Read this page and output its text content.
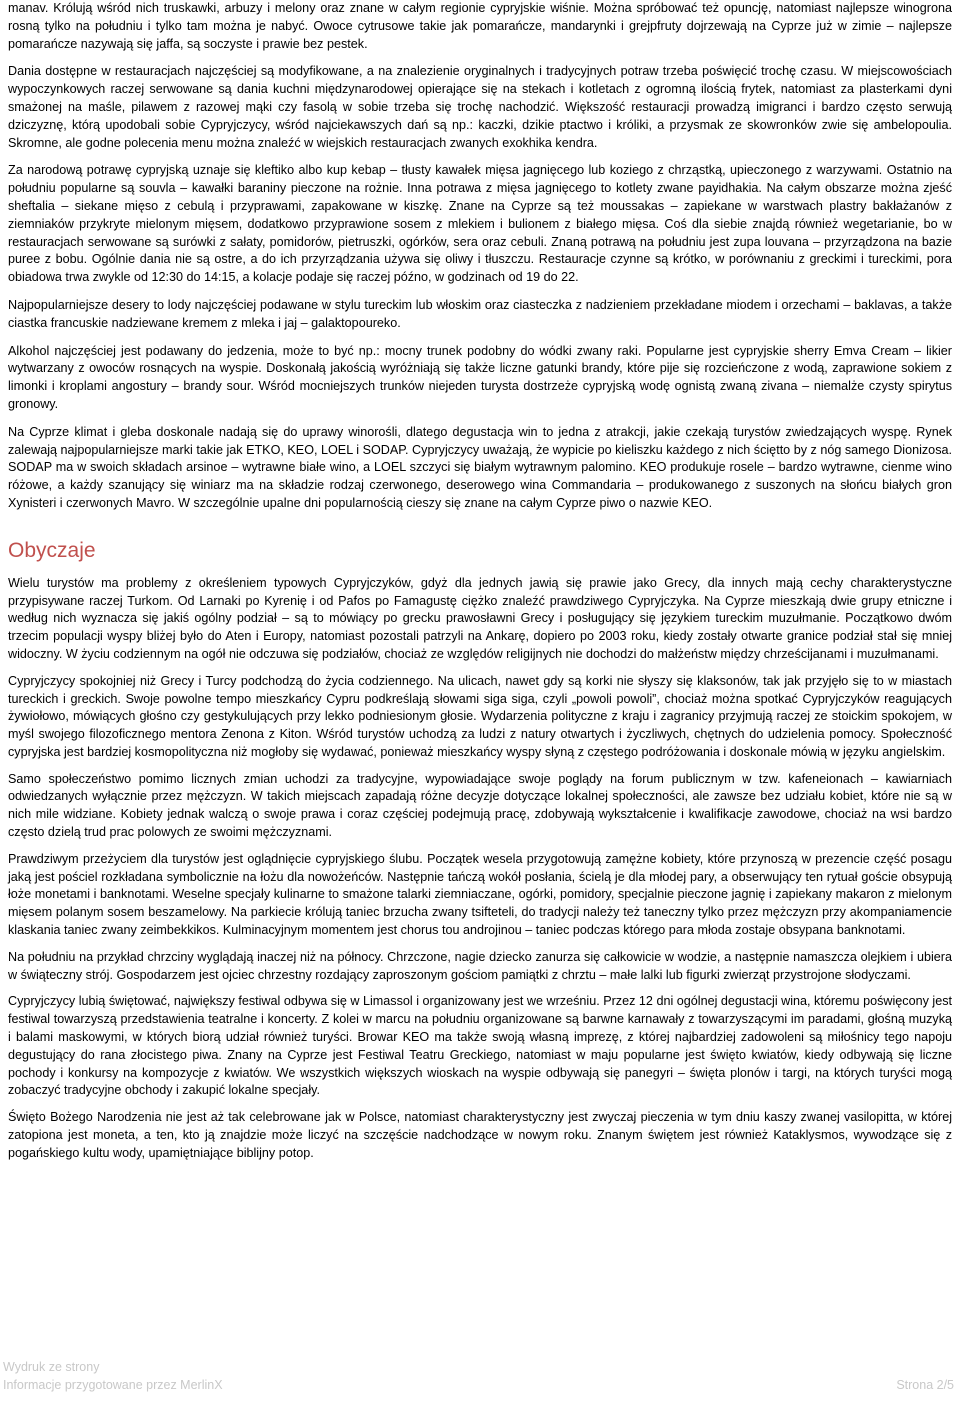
manav. Królują wśród nich truskawki, arbuzy i melony oraz znane w całym regionie cypryjskie wiśnie. Można spróbować też opuncję, natomiast najlepsze winogrona rosną tylko na południu i tylko tam można je nabyć. Owoce cytrusowe takie jak pomarańcze, mandarynki i grejpfruty dojrzewają na Cyprze już w zimie – najlepsze pomarańcze nazywają się jaffa, są soczyste i prawie bez pestek.

Dania dostępne w restauracjach najczęściej są modyfikowane, a na znalezienie oryginalnych i tradycyjnych potraw trzeba poświęcić trochę czasu. W miejscowościach wypoczynkowych raczej serwowane są dania kuchni międzynarodowej opierające się na stekach i kotletach z ogromną ilością frytek, natomiast za plasterkami dyni smażonej na maśle, pilawem z razowej mąki czy fasolą w sobie trzeba się trochę nachodzić. Większość restauracji prowadzą imigranci i bardzo często serwują dziczyznę, którą upodobali sobie Cypryjczycy, wśród najciekawszych dań są np.: kaczki, dzikie ptactwo i króliki, a przysmak ze skowronków zwie się ambelopoulia. Skromne, ale godne polecenia menu można znaleźć w wiejskich restauracjach zwanych exokhika kendra.

Za narodową potrawę cypryjską uznaje się kleftiko albo kup kebap – tłusty kawałek mięsa jagnięcego lub koziego z chrząstką, upieczonego z warzywami. Ostatnio na południu popularne są souvla – kawałki baraniny pieczone na rożnie. Inna potrawa z mięsa jagnięcego to kotlety zwane payidhakia. Na całym obszarze można zjeść sheftalia – siekane mięso z cebulą i przyprawami, zapakowane w kiszkę. Znane na Cyprze są też moussakas – zapiekane w warstwach plastry bakłażanów z ziemniaków przykryte mielonym mięsem, dodatkowo przyprawione sosem z mlekiem i bulionem z białego mięsa. Coś dla siebie znajdą również wegetarianie, bo w restauracjach serwowane są surówki z sałaty, pomidorów, pietruszki, ogórków, sera oraz cebuli. Znaną potrawą na południu jest zupa louvana – przyrządzona na bazie puree z bobu. Ogólnie dania nie są ostre, a do ich przyrządzania używa się oliwy i tłuszczu. Restauracje czynne są krótko, w porównaniu z greckimi i tureckimi, pora obiadowa trwa zwykle od 12:30 do 14:15, a kolacje podaje się raczej późno, w godzinach od 19 do 22.

Najpopularniejsze desery to lody najczęściej podawane w stylu tureckim lub włoskim oraz ciasteczka z nadzieniem przekładane miodem i orzechami – baklavas, a także ciastka francuskie nadziewane kremem z mleka i jaj – galaktopoureko.

Alkohol najczęściej jest podawany do jedzenia, może to być np.: mocny trunek podobny do wódki zwany raki. Popularne jest cypryjskie sherry Emva Cream – likier wytwarzany z owoców rosnących na wyspie. Doskonałą jakością wyróżniają się także liczne gatunki brandy, które pije się rozcieńczone z wodą, zaprawione sokiem z limonki i kroplami angostury – brandy sour. Wśród mocniejszych trunków niejeden turysta dostrzeże cypryjską wodę ognistą zwaną zivana – niemalże czysty spirytus gronowy.

Na Cyprze klimat i gleba doskonale nadają się do uprawy winorośli, dlatego degustacja win to jedna z atrakcji, jakie czekają turystów zwiedzających wyspę. Rynek zalewają najpopularniejsze marki takie jak ETKO, KEO, LOEL i SODAP. Cypryjczycy uważają, że wypicie po kieliszku każdego z nich ściętto by z nóg samego Dionizosa. SODAP ma w swoich składach arsinoe – wytrawne białe wino, a LOEL szczyci się białym wytrawnym palomino. KEO produkuje rosele – bardzo wytrawne, cienme wino różowe, a każdy szanujący się winiarz ma na składzie rodzaj czerwonego, deserowego wina Commandaria – produkowanego z suszonych na słońcu białych gron Xynisteri i czerwonych Mavro. W szczególnie upalne dni popularnością cieszy się znane na całym Cyprze piwo o nazwie KEO.

Obyczaje

Wielu turystów ma problemy z określeniem typowych Cypryjczyków, gdyż dla jednych jawią się prawie jako Grecy, dla innych mają cechy charakterystyczne przypisywane raczej Turkom. Od Larnaki po Kyrenię i od Pafos po Famagustę ciężko znaleźć prawdziwego Cypryjczyka. Na Cyprze mieszkają dwie grupy etniczne i według nich wyznacza się jakiś ogólny podział – są to mówiący po grecku prawosławni Grecy i posługujący się językiem tureckim muzułmanie. Początkowo dwóm trzecim populacji wyspy bliżej było do Aten i Europy, natomiast pozostali patrzyli na Ankarę, dopiero po 2003 roku, kiedy zostały otwarte granice podział stał się mniej widoczny. W życiu codziennym na ogół nie odczuwa się podziałów, chociaż ze względów religijnych nie dochodzi do małżeństw między chrześcijanami i muzułmanami.

Cypryjczycy spokojniej niż Grecy i Turcy podchodzą do życia codziennego. Na ulicach, nawet gdy są korki nie słyszy się klaksonów, tak jak przyjęło się to w miastach tureckich i greckich. Swoje powolne tempo mieszkańcy Cypru podkreślają słowami siga siga, czyli „powoli powoli”, chociaż można spotkać Cypryjczyków reagujących żywiołowo, mówiących głośno czy gestykulujących przy lekko podniesionym głosie. Wydarzenia polityczne z kraju i zagranicy przyjmują raczej ze stoickim spokojem, w myśl swojego filozoficznego mentora Zenona z Kiton. Wśród turystów uchodzą za ludzi z natury otwartych i życzliwych, chętnych do udzielenia pomocy. Społeczność cypryjska jest bardziej kosmopolityczna niż mogłoby się wydawać, ponieważ mieszkańcy wyspy słyną z częstego podróżowania i doskonale mówią w języku angielskim.

Samo społeczeństwo pomimo licznych zmian uchodzi za tradycyjne, wypowiadające swoje poglądy na forum publicznym w tzw. kafeneionach – kawiarniach odwiedzanych wyłącznie przez mężczyzn. W takich miejscach zapadają różne decyzje dotyczące lokalnej społeczności, ale zawsze bez udziału kobiet, które nie są w nich mile widziane. Kobiety jednak walczą o swoje prawa i coraz częściej podejmują pracę, zdobywają wykształcenie i kwalifikacje zawodowe, chociaż na wsi bardzo często dzielą trud prac polowych ze swoimi mężczyznami.

Prawdziwym przeżyciem dla turystów jest oglądnięcie cypryjskiego ślubu. Początek wesela przygotowują zamężne kobiety, które przynoszą w prezencie część posagu jaką jest pościel rozkładana symbolicznie na łożu dla nowożeńców. Następnie tańczą wokół posłania, ścielą je dla młodej pary, a obserwujący ten rytuał goście obsypują łoże monetami i banknotami. Weselne specjały kulinarne to smażone talarki ziemniaczane, ogórki, pomidory, specjalnie pieczone jagnię i zapiekany makaron z mielonym mięsem polanym sosem beszamelowy. Na parkiecie królują taniec brzucha zwany tsifteteli, do tradycji należy też taneczny tylko przez mężczyzn przy akompaniamencie klaskania taniec zwany zeimbekkikos. Kulminacyjnym momentem jest chorus tou androjinou – taniec podczas którego para młoda zostaje obsypana banknotami.

Na południu na przykład chrzciny wyglądają inaczej niż na północy. Chrzczone, nagie dziecko zanurza się całkowicie w wodzie, a następnie namaszcza olejkiem i ubiera w świąteczny strój. Gospodarzem jest ojciec chrzestny rozdający zaproszonym gościom pamiątki z chrztu – małe lalki lub figurki zwierząt przystrojone słodyczami.

Cypryjczycy lubią świętować, największy festiwal odbywa się w Limassol i organizowany jest we wrześniu. Przez 12 dni ogólnej degustacji wina, któremu poświęcony jest festiwal towarzyszą przedstawienia teatralne i koncerty. Z kolei w marcu na południu organizowane są barwne karnawały z towarzyszącymi im paradami, głośną muzyką i balami maskowymi, w których biorą udział również turyści. Browar KEO ma także swoją własną imprezę, z której najbardziej zadowoleni są miłośnicy tego napoju degustujący do rana złocistego piwa. Znany na Cyprze jest Festiwal Teatru Greckiego, natomiast w maju popularne jest święto kwiatów, kiedy odbywają się liczne pochody i konkursy na kompozycje z kwiatów. We wszystkich większych wioskach na wyspie odbywają się panegyri – święta plonów i targi, na których turyści mogą zobaczyć tradycyjne obchody i zakupić lokalne specjały.

Święto Bożego Narodzenia nie jest aż tak celebrowane jak w Polsce, natomiast charakterystyczny jest zwyczaj pieczenia w tym dniu kaszy zwanej vasilopitta, w której zatopiona jest moneta, a ten, kto ją znajdzie może liczyć na szczęście nadchodzące w nowym roku. Znanym świętem jest również Kataklysmos, wywodzące się z pogańskiego kultu wody, upamiętniające biblijny potop.

Wydruk ze strony
Informacje przygotowane przez MerlinX	Strona 2/5
